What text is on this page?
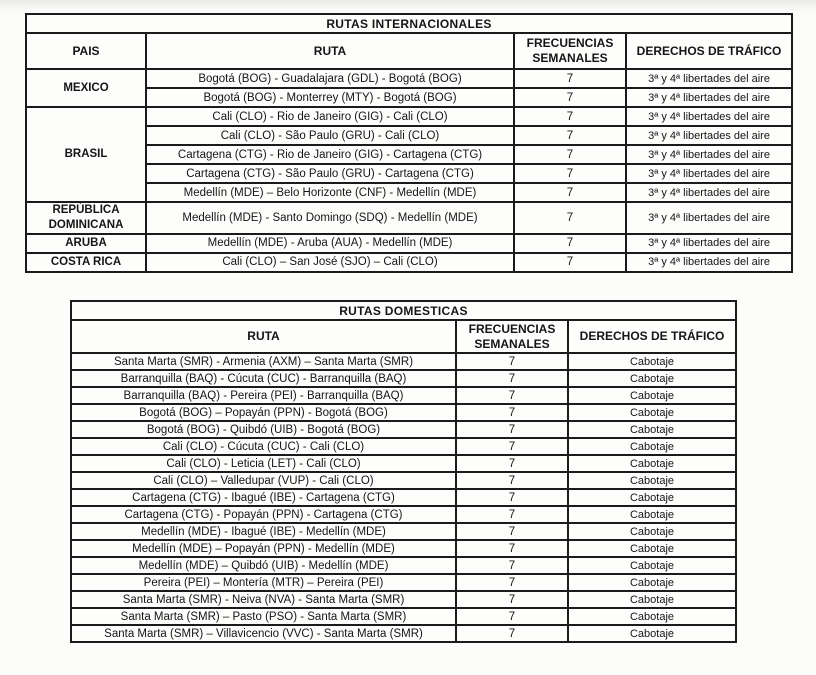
RUTAS INTERNACIONALES			
PAIS	RUTA	FRECUENCIAS SEMANALES	DERECHOS DE TRÁFICO
MEXICO	Bogotá (BOG) - Guadalajara (GDL) - Bogotá (BOG)	7	3ª y 4ª libertades del aire
	Bogotá (BOG) - Monterrey (MTY) - Bogotá (BOG)	7	3ª y 4ª libertades del aire
BRASIL	Cali (CLO) - Rio de Janeiro (GIG) - Cali (CLO)	7	3ª y 4ª libertades del aire
	Cali (CLO) - São Paulo (GRU) - Cali (CLO)	7	3ª y 4ª libertades del aire
	Cartagena (CTG) - Rio de Janeiro (GIG) - Cartagena (CTG)	7	3ª y 4ª libertades del aire
	Cartagena (CTG) - São Paulo (GRU) - Cartagena (CTG)	7	3ª y 4ª libertades del aire
	Medellín (MDE) – Belo Horizonte (CNF) - Medellín (MDE)	7	3ª y 4ª libertades del aire
REPÚBLICA DOMINICANA	Medellín (MDE) - Santo Domingo (SDQ) - Medellín (MDE)	7	3ª y 4ª libertades del aire
ARUBA	Medellín (MDE) - Aruba (AUA) - Medellín (MDE)	7	3ª y 4ª libertades del aire
COSTA RICA	Cali (CLO) – San José (SJO) – Cali (CLO)	7	3ª y 4ª libertades del aire
RUTAS DOMESTICAS		
RUTA	FRECUENCIAS SEMANALES	DERECHOS DE TRÁFICO
Santa Marta (SMR) - Armenia (AXM) – Santa Marta (SMR)	7	Cabotaje
Barranquilla (BAQ) - Cúcuta (CUC) - Barranquilla (BAQ)	7	Cabotaje
Barranquilla (BAQ) - Pereira (PEI) - Barranquilla (BAQ)	7	Cabotaje
Bogotá (BOG) – Popayán (PPN) - Bogotá (BOG)	7	Cabotaje
Bogotá (BOG) - Quibdó (UIB) - Bogotá (BOG)	7	Cabotaje
Cali (CLO) - Cúcuta (CUC) - Cali (CLO)	7	Cabotaje
Cali (CLO) - Leticia (LET) - Cali (CLO)	7	Cabotaje
Cali (CLO) – Valledupar (VUP) - Cali (CLO)	7	Cabotaje
Cartagena (CTG) - Ibagué (IBE) - Cartagena (CTG)	7	Cabotaje
Cartagena (CTG) - Popayán (PPN) - Cartagena (CTG)	7	Cabotaje
Medellín (MDE) - Ibagué (IBE) - Medellín (MDE)	7	Cabotaje
Medellín (MDE) – Popayán (PPN) - Medellín (MDE)	7	Cabotaje
Medellín (MDE) – Quibdó (UIB) - Medellín (MDE)	7	Cabotaje
Pereira (PEI) – Montería (MTR) – Pereira (PEI)	7	Cabotaje
Santa Marta (SMR) - Neiva (NVA) - Santa Marta (SMR)	7	Cabotaje
Santa Marta (SMR) – Pasto (PSO) - Santa Marta (SMR)	7	Cabotaje
Santa Marta (SMR) – Villavicencio (VVC) - Santa Marta (SMR)	7	Cabotaje
